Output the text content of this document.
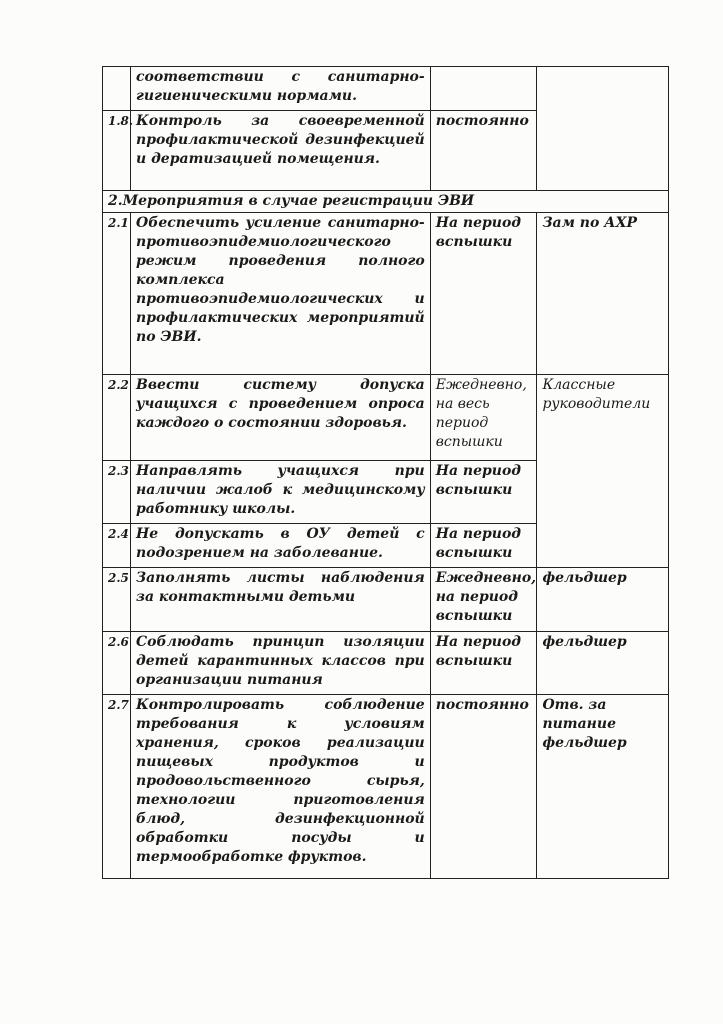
	соответствии с санитарно-гигиеническими нормами.		
1.8.	Контроль за своевременной профилактической дезинфекцией и дератизацией помещения.	постоянно	
2.Мероприятия в случае регистрации ЭВИ			
2.1	Обеспечить усиление санитарно-противоэпидемиологического режим проведения полного комплекса противоэпидемиологических и профилактических мероприятий по ЭВИ.	На период вспышки	Зам по АХР
2.2	Ввести систему допуска учащихся с проведением опроса каждого о состоянии здоровья.	Ежедневно, на весь период вспышки	Классные руководители
2.3	Направлять учащихся при наличии жалоб к медицинскому работнику школы.	На период вспышки	
2.4	Не допускать в ОУ детей с подозрением на заболевание.	На период вспышки	
2.5	Заполнять листы наблюдения за контактными детьми	Ежедневно, на период вспышки	фельдшер
2.6	Соблюдать принцип изоляции детей карантинных классов при организации питания	На период вспышки	фельдшер
2.7	Контролировать соблюдение требования к условиям хранения, сроков реализации пищевых продуктов и продовольственного сырья, технологии приготовления блюд, дезинфекционной обработки посуды и термообработке фруктов.	постоянно	Отв. за питание фельдшер
